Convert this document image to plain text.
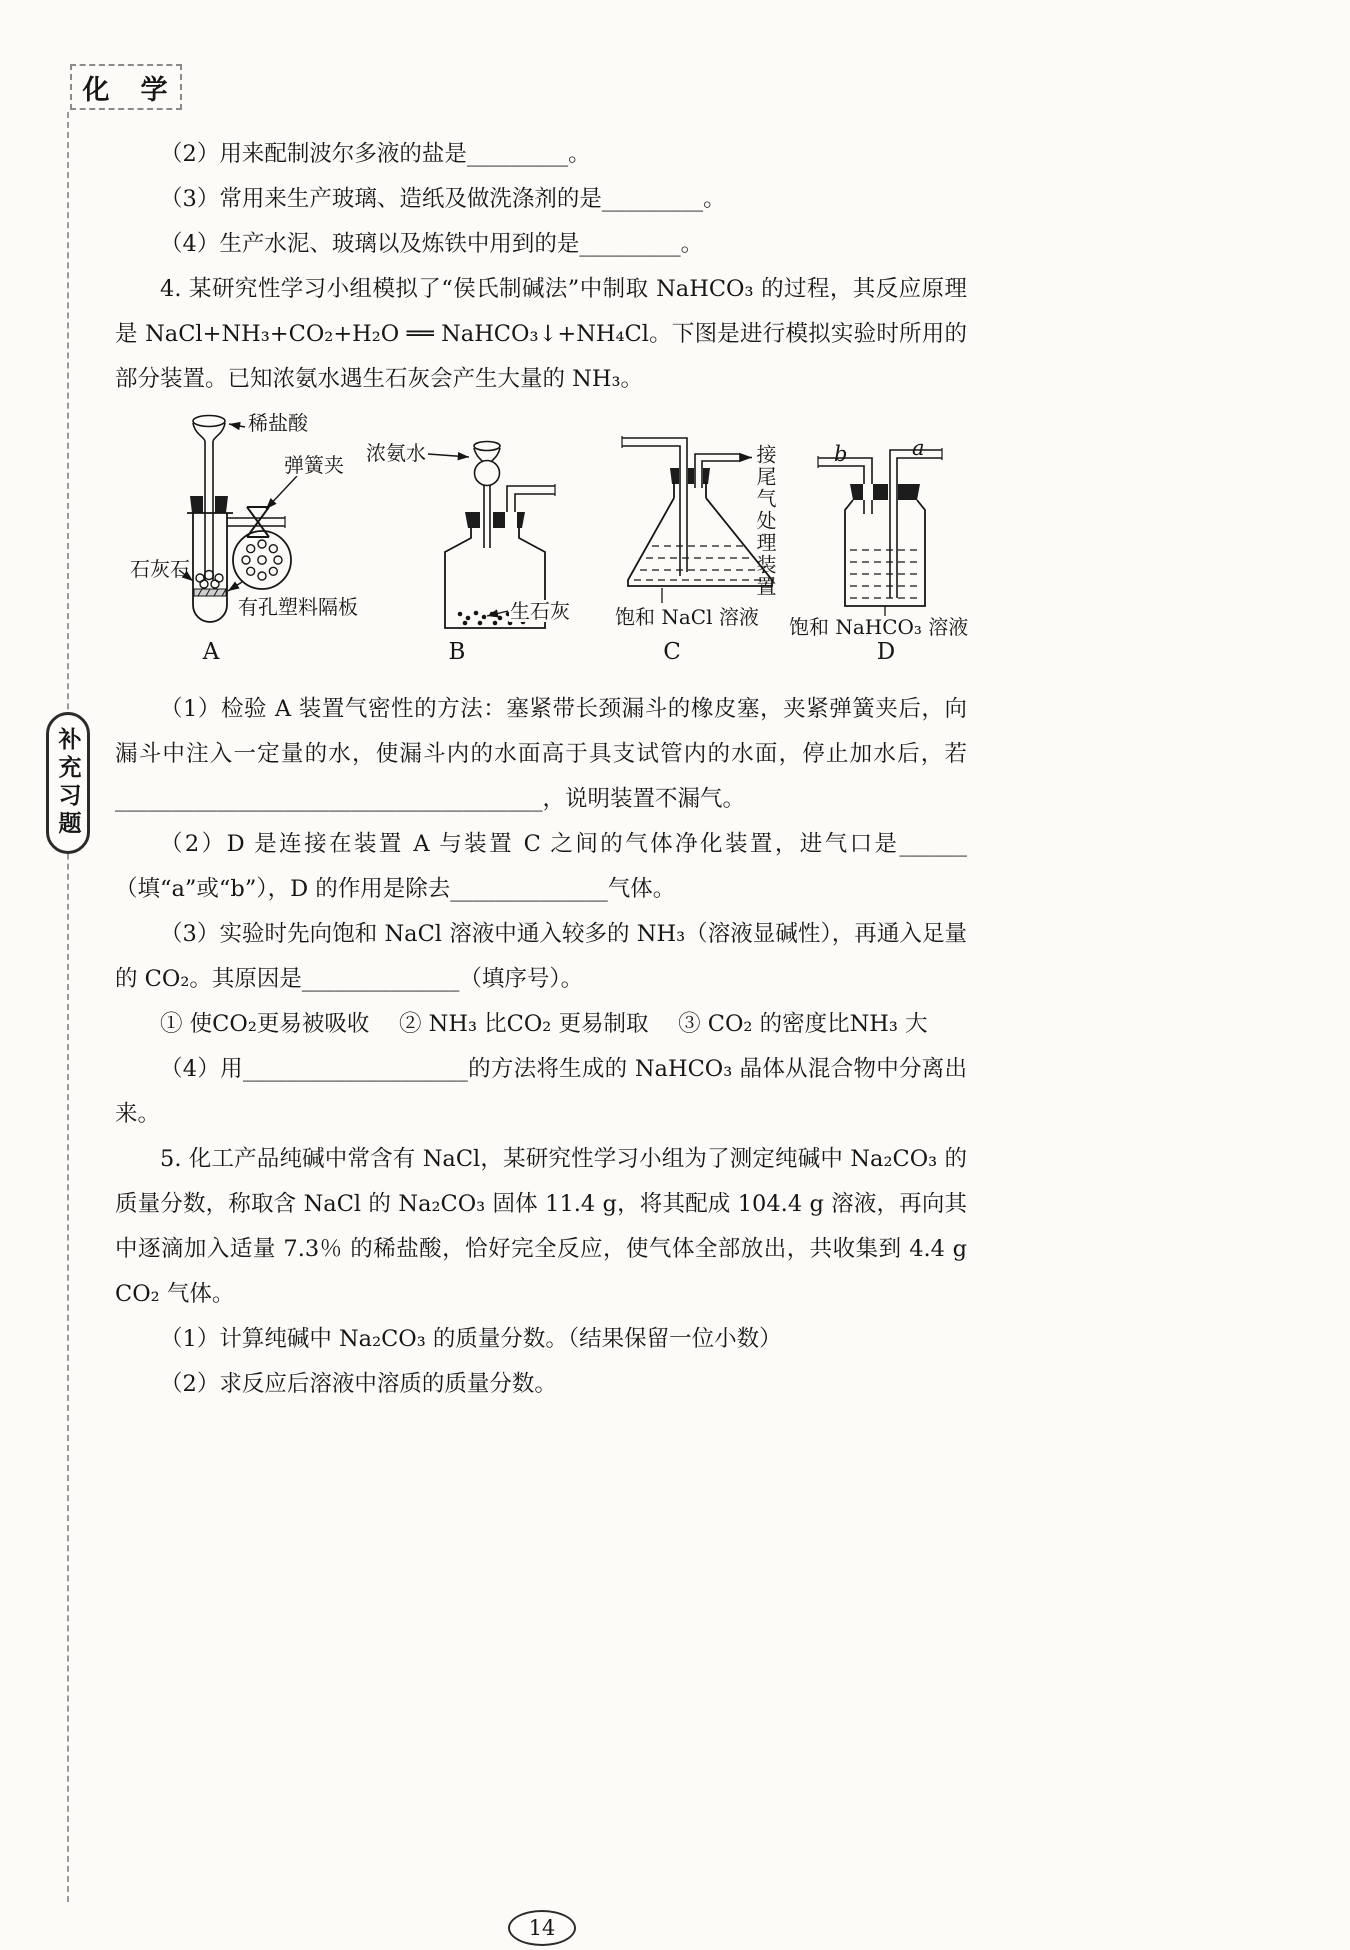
化　学
补充习题

（2）用来配制波尔多液的盐是_________。

（3）常用来生产玻璃、造纸及做洗涤剂的是_________。

（4）生产水泥、玻璃以及炼铁中用到的是_________。

4. 某研究性学习小组模拟了“侯氏制碱法”中制取 NaHCO₃ 的过程，其反应原理是 NaCl+NH₃+CO₂+H₂O ══ NaHCO₃↓+NH₄Cl。下图是进行模拟实验时所用的部分装置。已知浓氨水遇生石灰会产生大量的 NH₃。

稀盐酸
弹簧夹
石灰石
有孔塑料隔板
A
浓氨水
生石灰
B
接尾气处理装置
饱和 NaCl 溶液
C
b	a
饱和 NaHCO₃ 溶液
D

（1）检验 A 装置气密性的方法：塞紧带长颈漏斗的橡皮塞，夹紧弹簧夹后，向漏斗中注入一定量的水，使漏斗内的水面高于具支试管内的水面，停止加水后，若______________________________________，说明装置不漏气。

（2）D 是连接在装置 A 与装置 C 之间的气体净化装置，进气口是______（填“a”或“b”），D 的作用是除去______________气体。

（3）实验时先向饱和 NaCl 溶液中通入较多的 NH₃（溶液显碱性），再通入足量的 CO₂。其原因是______________（填序号）。

① 使CO₂更易被吸收　 ② NH₃ 比CO₂ 更易制取　 ③ CO₂ 的密度比NH₃ 大

（4）用____________________的方法将生成的 NaHCO₃ 晶体从混合物中分离出来。

5. 化工产品纯碱中常含有 NaCl，某研究性学习小组为了测定纯碱中 Na₂CO₃ 的质量分数，称取含 NaCl 的 Na₂CO₃ 固体 11.4 g，将其配成 104.4 g 溶液，再向其中逐滴加入适量 7.3％ 的稀盐酸，恰好完全反应，使气体全部放出，共收集到 4.4 g CO₂ 气体。

（1）计算纯碱中 Na₂CO₃ 的质量分数。（结果保留一位小数）

（2）求反应后溶液中溶质的质量分数。

14
